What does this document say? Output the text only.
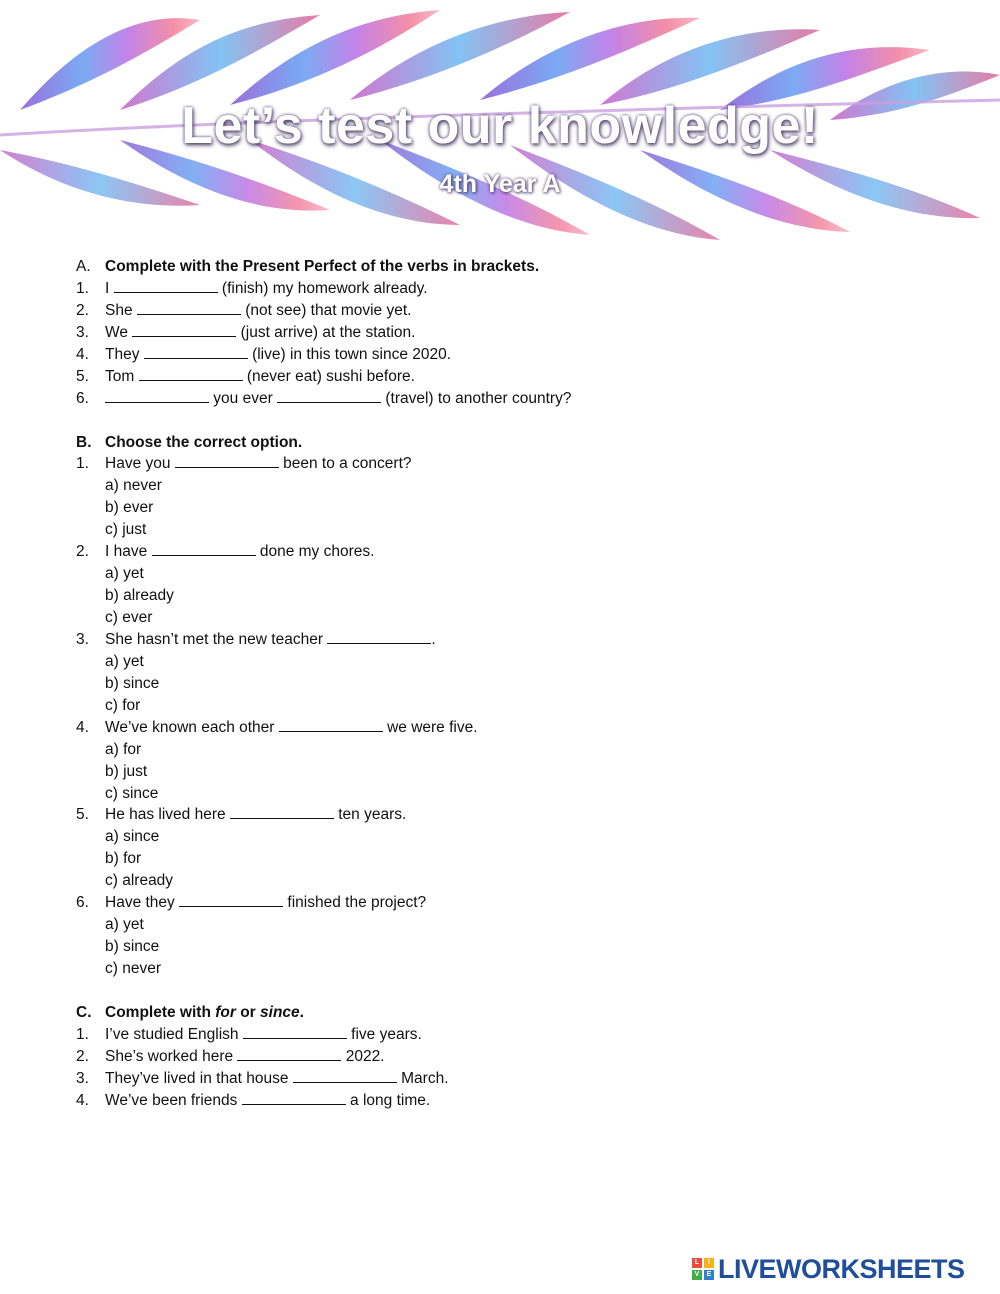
Let’s test our knowledge!
4th Year A
A. Complete with the Present Perfect of the verbs in brackets.
1. I	(finish) my homework already.
2. She	(not see) that movie yet.
3. We	(just arrive) at the station.
4. They	(live) in this town since 2020.
5. Tom	(never eat) sushi before.
6.	you ever	(travel) to another country?
B. Choose the correct option.
1. Have you	been to a concert?
a) never
b) ever
c) just
2. I have	done my chores.
a) yet
b) already
c) ever
3. She hasn’t met the new teacher	.
a) yet
b) since
c) for
4. We’ve known each other	we were five.
a) for
b) just
c) since
5. He has lived here	ten years.
a) since
b) for
c) already
6. Have they	finished the project?
a) yet
b) since
c) never
C. Complete with for or since.
1. I’ve studied English	five years.
2. She’s worked here	2022.
3. They’ve lived in that house	March.
4. We’ve been friends	a long time.
L	I
V	E LIVEWORKSHEETS
